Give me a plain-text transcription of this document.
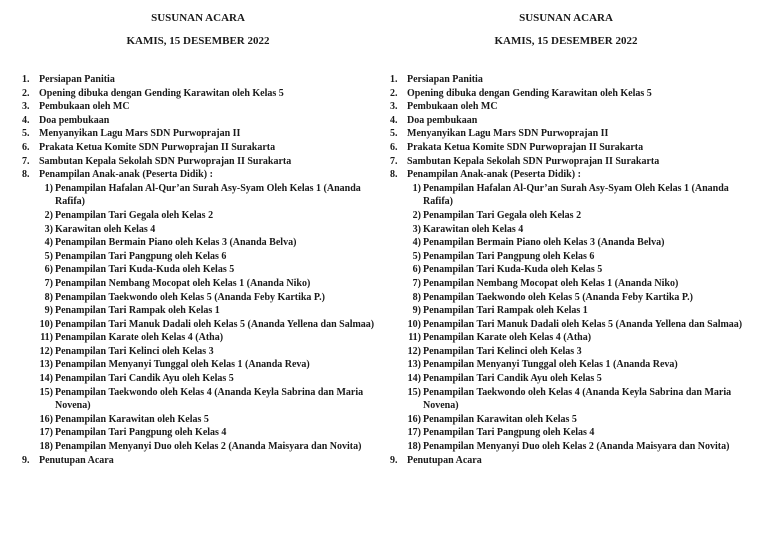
SUSUNAN ACARA
KAMIS, 15 DESEMBER 2022
1. Persiapan Panitia
2. Opening dibuka dengan Gending Karawitan oleh Kelas 5
3. Pembukaan oleh MC
4. Doa pembukaan
5. Menyanyikan Lagu Mars SDN Purwoprajan II
6. Prakata Ketua Komite SDN Purwoprajan II Surakarta
7. Sambutan Kepala Sekolah SDN Purwoprajan II Surakarta
8. Penampilan Anak-anak (Peserta Didik) :
1) Penampilan Hafalan Al-Qur’an Surah Asy-Syam Oleh Kelas 1 (Ananda Rafifa)
2) Penampilan Tari Gegala oleh Kelas 2
3) Karawitan oleh Kelas 4
4) Penampilan Bermain Piano oleh Kelas 3 (Ananda Belva)
5) Penampilan Tari Pangpung oleh Kelas 6
6) Penampilan Tari Kuda-Kuda oleh Kelas 5
7) Penampilan Nembang Mocopat oleh Kelas 1 (Ananda Niko)
8) Penampilan Taekwondo oleh Kelas 5 (Ananda Feby Kartika P.)
9) Penampilan Tari Rampak oleh Kelas 1
10) Penampilan Tari Manuk Dadali oleh Kelas 5 (Ananda Yellena dan Salmaa)
11) Penampilan Karate oleh Kelas 4 (Atha)
12) Penampilan Tari Kelinci oleh Kelas 3
13) Penampilan Menyanyi Tunggal oleh Kelas 1 (Ananda Reva)
14) Penampilan Tari Candik Ayu oleh Kelas 5
15) Penampilan Taekwondo oleh Kelas 4 (Ananda Keyla Sabrina dan Maria Novena)
16) Penampilan Karawitan oleh Kelas 5
17) Penampilan Tari Pangpung oleh Kelas 4
18) Penampilan Menyanyi Duo oleh Kelas 2 (Ananda Maisyara dan Novita)
9. Penutupan Acara
SUSUNAN ACARA
KAMIS, 15 DESEMBER 2022
1. Persiapan Panitia
2. Opening dibuka dengan Gending Karawitan oleh Kelas 5
3. Pembukaan oleh MC
4. Doa pembukaan
5. Menyanyikan Lagu Mars SDN Purwoprajan II
6. Prakata Ketua Komite SDN Purwoprajan II Surakarta
7. Sambutan Kepala Sekolah SDN Purwoprajan II Surakarta
8. Penampilan Anak-anak (Peserta Didik) :
1) Penampilan Hafalan Al-Qur’an Surah Asy-Syam Oleh Kelas 1 (Ananda Rafifa)
2) Penampilan Tari Gegala oleh Kelas 2
3) Karawitan oleh Kelas 4
4) Penampilan Bermain Piano oleh Kelas 3 (Ananda Belva)
5) Penampilan Tari Pangpung oleh Kelas 6
6) Penampilan Tari Kuda-Kuda oleh Kelas 5
7) Penampilan Nembang Mocopat oleh Kelas 1 (Ananda Niko)
8) Penampilan Taekwondo oleh Kelas 5 (Ananda Feby Kartika P.)
9) Penampilan Tari Rampak oleh Kelas 1
10) Penampilan Tari Manuk Dadali oleh Kelas 5 (Ananda Yellena dan Salmaa)
11) Penampilan Karate oleh Kelas 4 (Atha)
12) Penampilan Tari Kelinci oleh Kelas 3
13) Penampilan Menyanyi Tunggal oleh Kelas 1 (Ananda Reva)
14) Penampilan Tari Candik Ayu oleh Kelas 5
15) Penampilan Taekwondo oleh Kelas 4 (Ananda Keyla Sabrina dan Maria Novena)
16) Penampilan Karawitan oleh Kelas 5
17) Penampilan Tari Pangpung oleh Kelas 4
18) Penampilan Menyanyi Duo oleh Kelas 2 (Ananda Maisyara dan Novita)
9. Penutupan Acara
